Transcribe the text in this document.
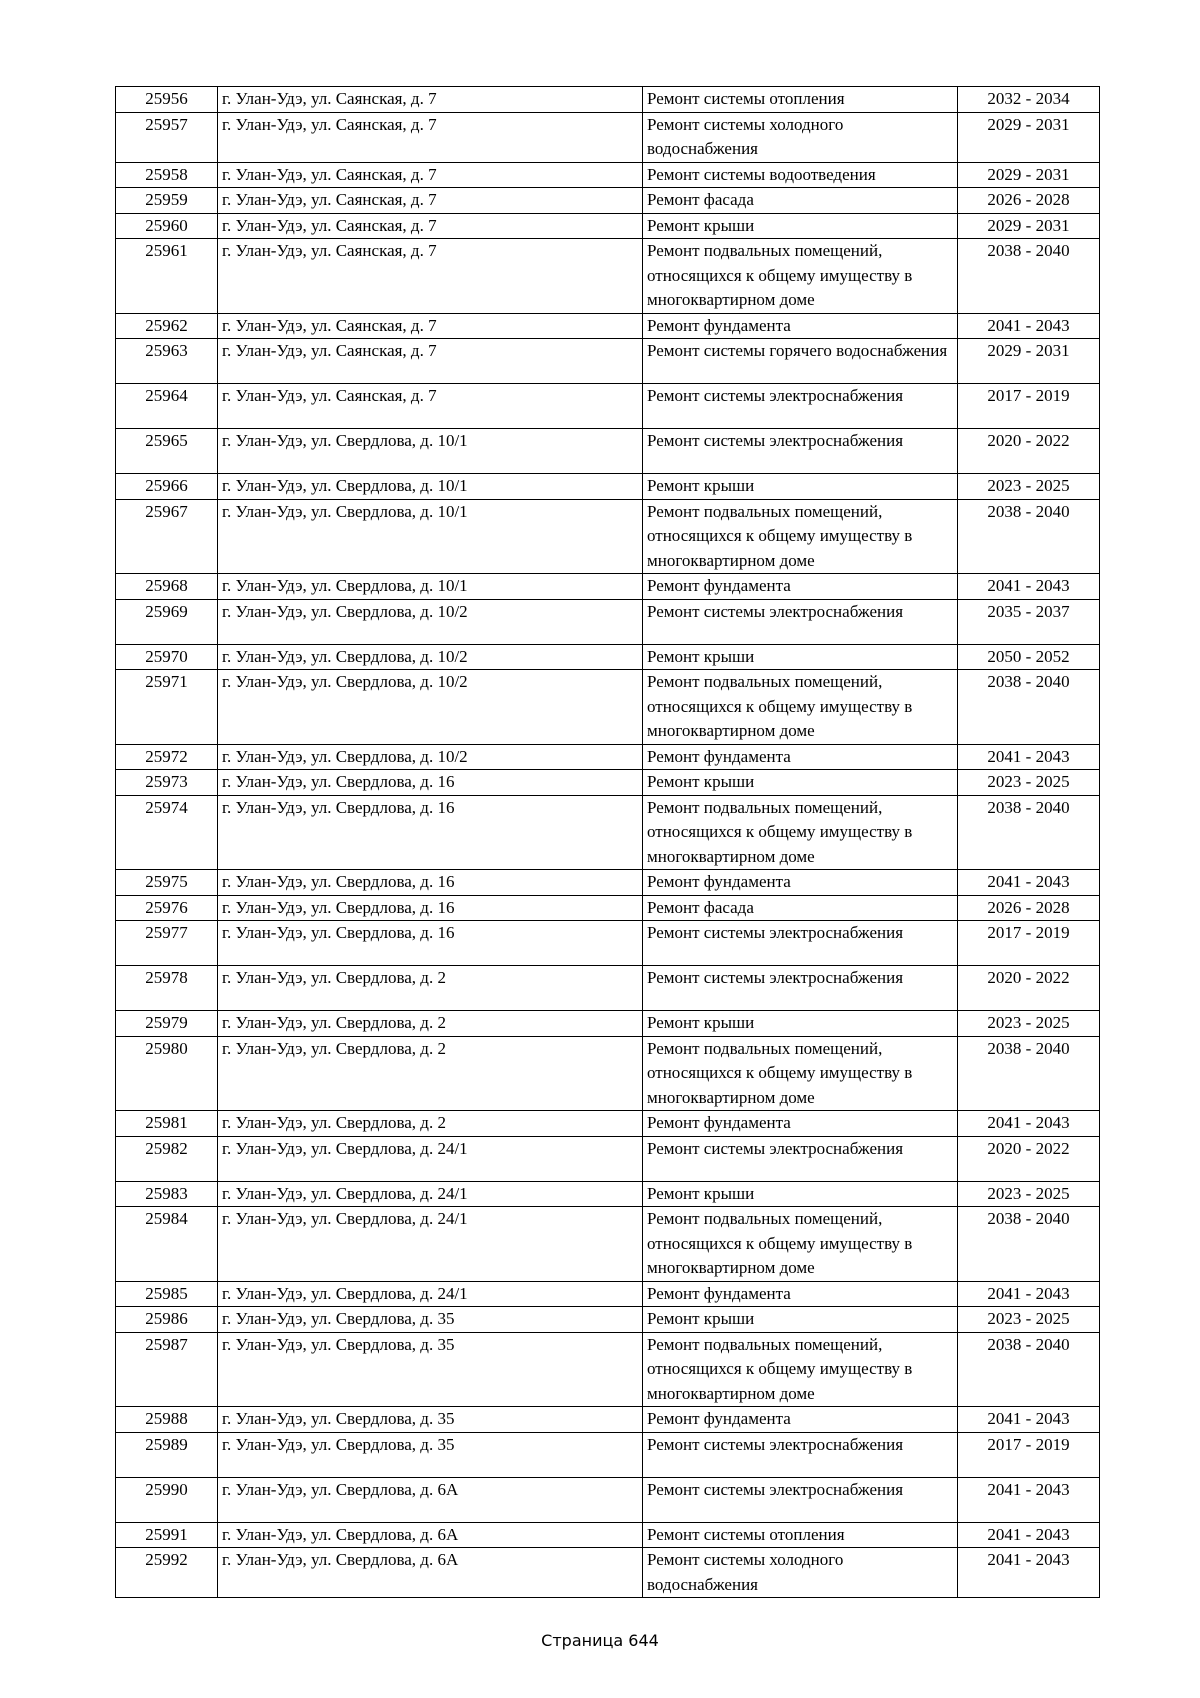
25956	г. Улан-Удэ, ул. Саянская, д. 7	Ремонт системы отопления	2032 - 2034
25957	г. Улан-Удэ, ул. Саянская, д. 7	Ремонт системы холодного водоснабжения	2029 - 2031
25958	г. Улан-Удэ, ул. Саянская, д. 7	Ремонт системы водоотведения	2029 - 2031
25959	г. Улан-Удэ, ул. Саянская, д. 7	Ремонт фасада	2026 - 2028
25960	г. Улан-Удэ, ул. Саянская, д. 7	Ремонт крыши	2029 - 2031
25961	г. Улан-Удэ, ул. Саянская, д. 7	Ремонт подвальных помещений, относящихся к общему имуществу в многоквартирном доме	2038 - 2040
25962	г. Улан-Удэ, ул. Саянская, д. 7	Ремонт фундамента	2041 - 2043
25963	г. Улан-Удэ, ул. Саянская, д. 7	Ремонт системы горячего водоснабжения	2029 - 2031
25964	г. Улан-Удэ, ул. Саянская, д. 7	Ремонт системы электроснабжения	2017 - 2019
25965	г. Улан-Удэ, ул. Свердлова, д. 10/1	Ремонт системы электроснабжения	2020 - 2022
25966	г. Улан-Удэ, ул. Свердлова, д. 10/1	Ремонт крыши	2023 - 2025
25967	г. Улан-Удэ, ул. Свердлова, д. 10/1	Ремонт подвальных помещений, относящихся к общему имуществу в многоквартирном доме	2038 - 2040
25968	г. Улан-Удэ, ул. Свердлова, д. 10/1	Ремонт фундамента	2041 - 2043
25969	г. Улан-Удэ, ул. Свердлова, д. 10/2	Ремонт системы электроснабжения	2035 - 2037
25970	г. Улан-Удэ, ул. Свердлова, д. 10/2	Ремонт крыши	2050 - 2052
25971	г. Улан-Удэ, ул. Свердлова, д. 10/2	Ремонт подвальных помещений, относящихся к общему имуществу в многоквартирном доме	2038 - 2040
25972	г. Улан-Удэ, ул. Свердлова, д. 10/2	Ремонт фундамента	2041 - 2043
25973	г. Улан-Удэ, ул. Свердлова, д. 16	Ремонт крыши	2023 - 2025
25974	г. Улан-Удэ, ул. Свердлова, д. 16	Ремонт подвальных помещений, относящихся к общему имуществу в многоквартирном доме	2038 - 2040
25975	г. Улан-Удэ, ул. Свердлова, д. 16	Ремонт фундамента	2041 - 2043
25976	г. Улан-Удэ, ул. Свердлова, д. 16	Ремонт фасада	2026 - 2028
25977	г. Улан-Удэ, ул. Свердлова, д. 16	Ремонт системы электроснабжения	2017 - 2019
25978	г. Улан-Удэ, ул. Свердлова, д. 2	Ремонт системы электроснабжения	2020 - 2022
25979	г. Улан-Удэ, ул. Свердлова, д. 2	Ремонт крыши	2023 - 2025
25980	г. Улан-Удэ, ул. Свердлова, д. 2	Ремонт подвальных помещений, относящихся к общему имуществу в многоквартирном доме	2038 - 2040
25981	г. Улан-Удэ, ул. Свердлова, д. 2	Ремонт фундамента	2041 - 2043
25982	г. Улан-Удэ, ул. Свердлова, д. 24/1	Ремонт системы электроснабжения	2020 - 2022
25983	г. Улан-Удэ, ул. Свердлова, д. 24/1	Ремонт крыши	2023 - 2025
25984	г. Улан-Удэ, ул. Свердлова, д. 24/1	Ремонт подвальных помещений, относящихся к общему имуществу в многоквартирном доме	2038 - 2040
25985	г. Улан-Удэ, ул. Свердлова, д. 24/1	Ремонт фундамента	2041 - 2043
25986	г. Улан-Удэ, ул. Свердлова, д. 35	Ремонт крыши	2023 - 2025
25987	г. Улан-Удэ, ул. Свердлова, д. 35	Ремонт подвальных помещений, относящихся к общему имуществу в многоквартирном доме	2038 - 2040
25988	г. Улан-Удэ, ул. Свердлова, д. 35	Ремонт фундамента	2041 - 2043
25989	г. Улан-Удэ, ул. Свердлова, д. 35	Ремонт системы электроснабжения	2017 - 2019
25990	г. Улан-Удэ, ул. Свердлова, д. 6А	Ремонт системы электроснабжения	2041 - 2043
25991	г. Улан-Удэ, ул. Свердлова, д. 6А	Ремонт системы отопления	2041 - 2043
25992	г. Улан-Удэ, ул. Свердлова, д. 6А	Ремонт системы холодного водоснабжения	2041 - 2043
Страница 644
